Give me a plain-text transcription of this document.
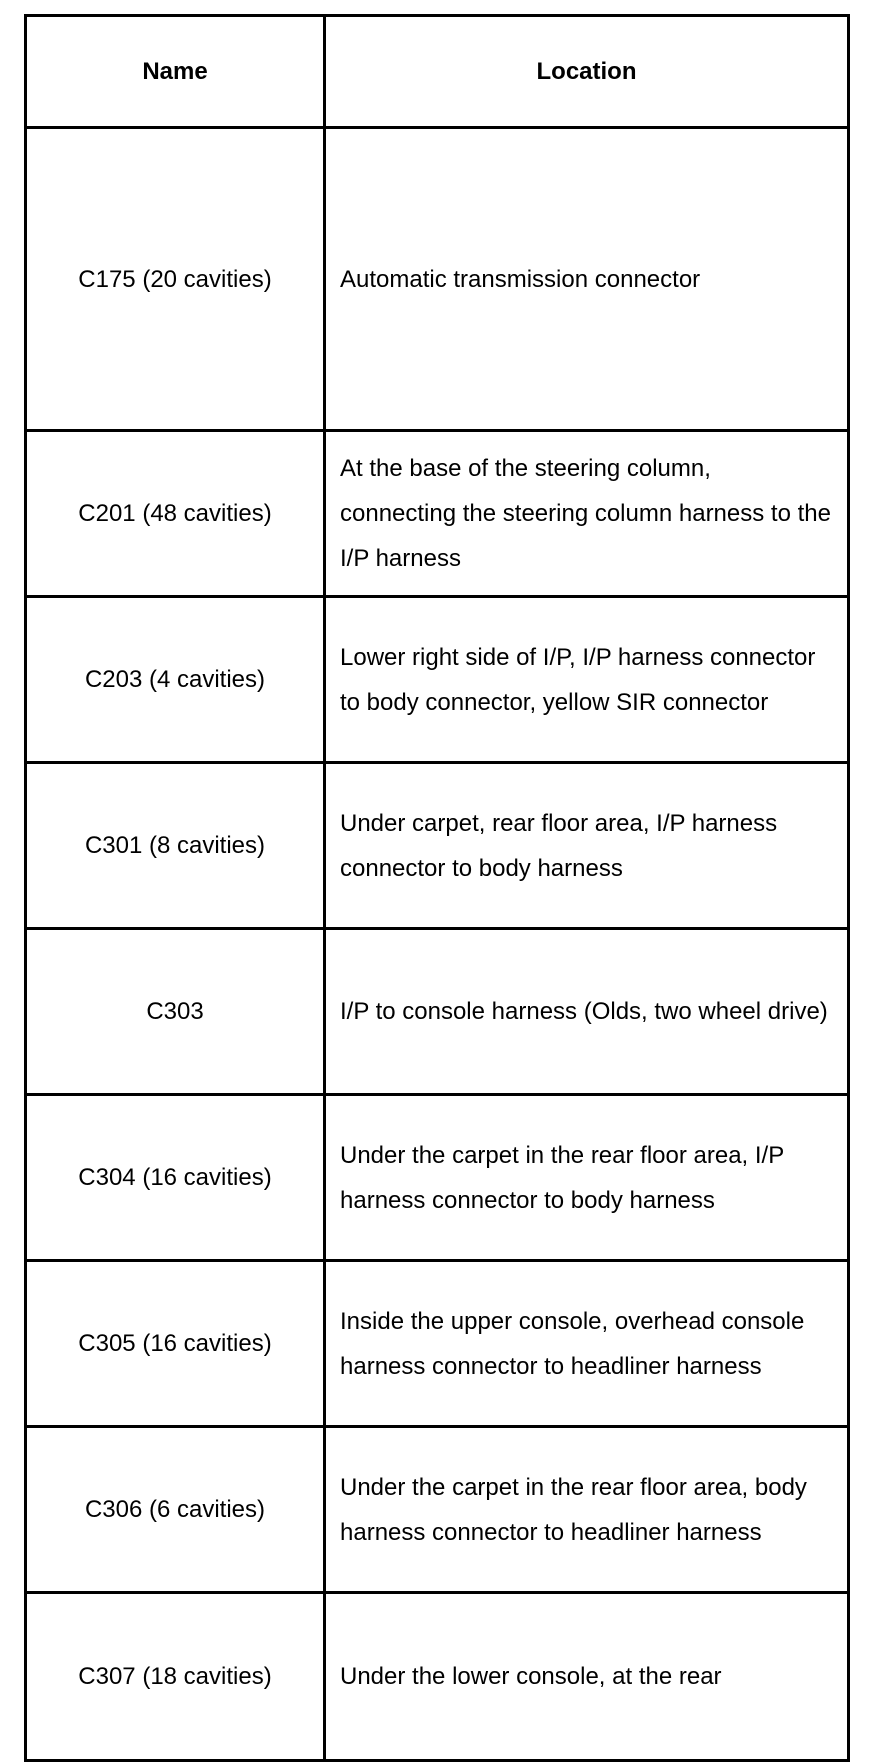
Name	Location
C175 (20 cavities)	Automatic transmission connector
C201 (48 cavities)	At the base of the steering column, connecting the steering column harness to the I/P harness
C203 (4 cavities)	Lower right side of I/P, I/P harness connector to body connector, yellow SIR connector
C301 (8 cavities)	Under carpet, rear floor area, I/P harness connector to body harness
C303	I/P to console harness (Olds, two wheel drive)
C304 (16 cavities)	Under the carpet in the rear floor area, I/P harness connector to body harness
C305 (16 cavities)	Inside the upper console, overhead console harness connector to headliner harness
C306 (6 cavities)	Under the carpet in the rear floor area, body harness connector to headliner harness
C307 (18 cavities)	Under the lower console, at the rear
